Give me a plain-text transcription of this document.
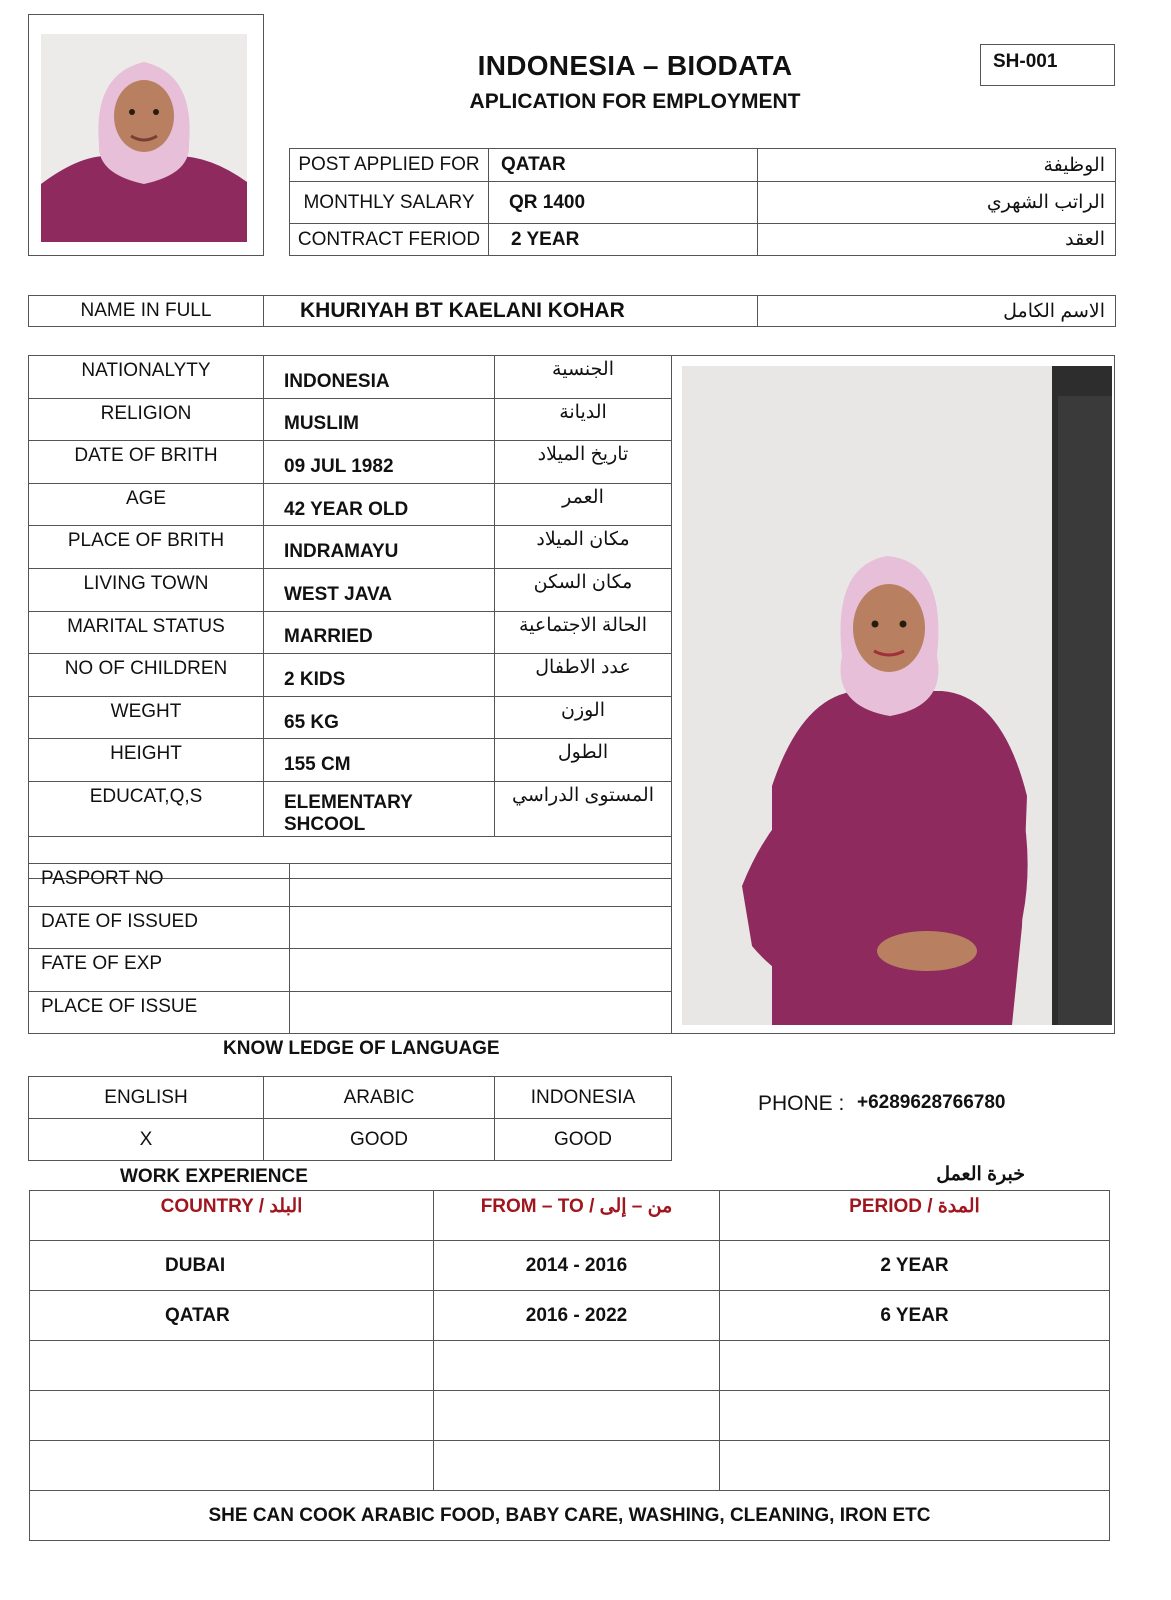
INDONESIA – BIODATA
APLICATION FOR EMPLOYMENT
SH-001
POST APPLIED FOR	QATAR	الوظيفة
MONTHLY SALARY	QR 1400	الراتب الشهري
CONTRACT FERIOD	2 YEAR	العقد
NAME IN FULL	KHURIYAH BT KAELANI KOHAR	الاسم الكامل
NATIONALYTY	INDONESIA	الجنسية
RELIGION	MUSLIM	الديانة
DATE OF BRITH	09 JUL 1982	تاريخ الميلاد
AGE	42 YEAR OLD	العمر
PLACE OF BRITH	INDRAMAYU	مكان الميلاد
LIVING TOWN	WEST JAVA	مكان السكن
MARITAL STATUS	MARRIED	الحالة الاجتماعية
NO OF CHILDREN	2 KIDS	عدد الاطفال
WEGHT	65 KG	الوزن
HEIGHT	155 CM	الطول
EDUCAT,Q,S	ELEMENTARY SHCOOL	المستوى الدراسي

PASPORT NO	
DATE OF ISSUED	
FATE OF EXP	
PLACE OF ISSUE	
KNOW LEDGE OF LANGUAGE
ENGLISH	ARABIC	INDONESIA
X	GOOD	GOOD
PHONE : +6289628766780
WORK EXPERIENCE	خبرة العمل
COUNTRY / البلد	FROM – TO / من – إلى	PERIOD / المدة
DUBAI	2014 - 2016	2 YEAR
QATAR	2016 - 2022	6 YEAR

SHE CAN COOK ARABIC FOOD, BABY CARE, WASHING, CLEANING, IRON ETC		
